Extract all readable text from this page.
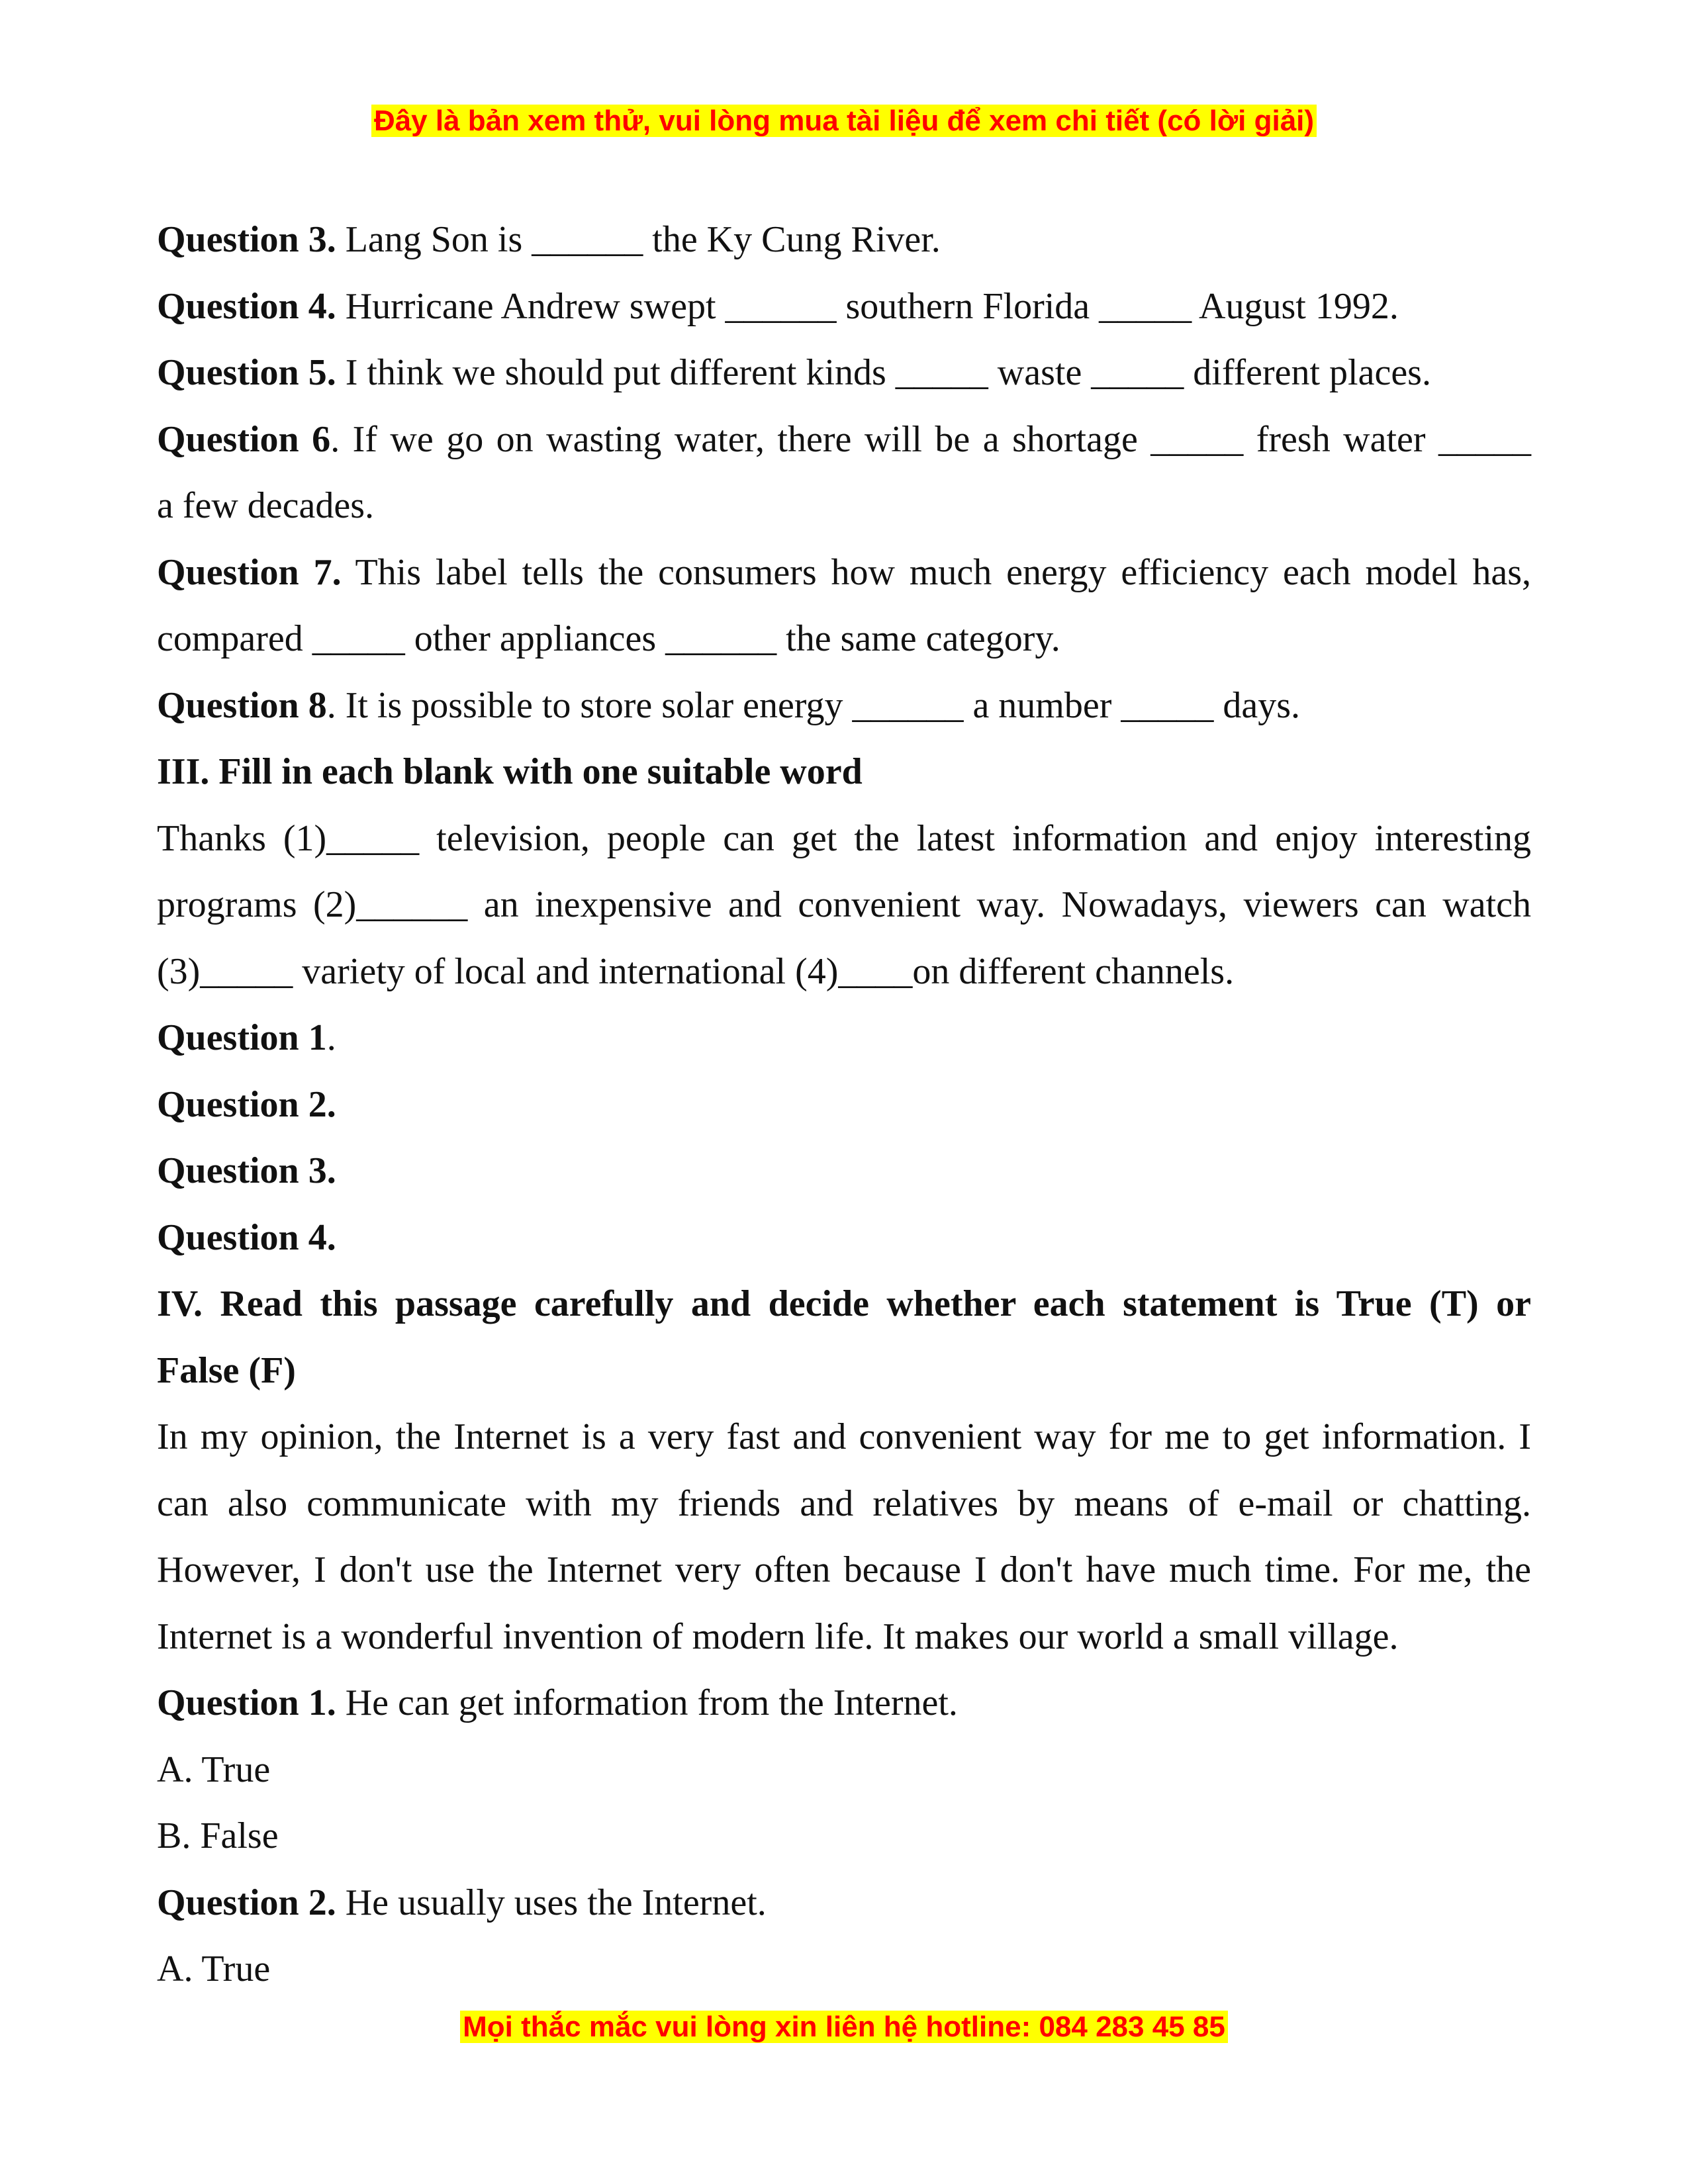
Đây là bản xem thử, vui lòng mua tài liệu để xem chi tiết (có lời giải)

Question 3. Lang Son is ______ the Ky Cung River.

Question 4. Hurricane Andrew swept ______ southern Florida _____ August 1992.

Question 5. I think we should put different kinds _____ waste _____ different places.

Question 6. If we go on wasting water, there will be a shortage _____ fresh water _____

a few decades.

Question 7. This label tells the consumers how much energy efficiency each model has,

compared _____ other appliances ______ the same category.

Question 8. It is possible to store solar energy ______ a number _____ days.

III. Fill in each blank with one suitable word

Thanks (1)_____ television, people can get the latest information and enjoy interesting

programs (2)______ an inexpensive and convenient way. Nowadays, viewers can watch

(3)_____ variety of local and international (4)____on different channels.

Question 1.

Question 2.

Question 3.

Question 4.

IV. Read this passage carefully and decide whether each statement is True (T) or

False (F)

In my opinion, the Internet is a very fast and convenient way for me to get information. I

can also communicate with my friends and relatives by means of e-mail or chatting.

However, I don't use the Internet very often because I don't have much time. For me, the

Internet is a wonderful invention of modern life. It makes our world a small village.

Question 1. He can get information from the Internet.

A. True

B. False

Question 2. He usually uses the Internet.

A. True

Mọi thắc mắc vui lòng xin liên hệ hotline: 084 283 45 85
